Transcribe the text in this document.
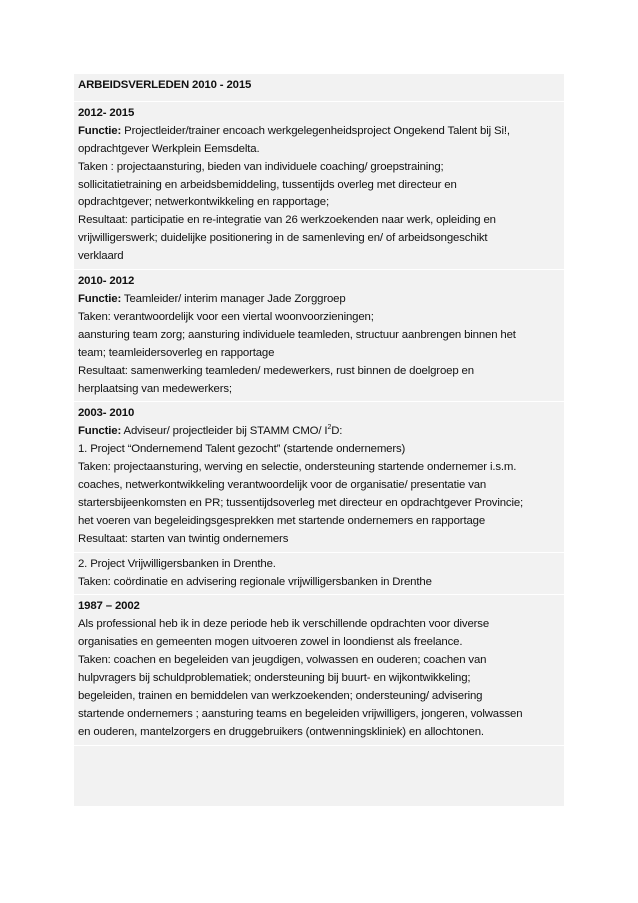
ARBEIDSVERLEDEN 2010 - 2015
2012- 2015
Functie: Projectleider/trainer encoach werkgelegenheidsproject Ongekend Talent bij Si!,
opdrachtgever Werkplein Eemsdelta.
Taken : projectaansturing, bieden van individuele coaching/ groepstraining;
sollicitatietraining en arbeidsbemiddeling, tussentijds overleg met directeur en
opdrachtgever; netwerkontwikkeling en rapportage;
Resultaat: participatie en re-integratie van 26 werkzoekenden naar werk, opleiding en
vrijwilligerswerk; duidelijke positionering in de samenleving en/ of arbeidsongeschikt
verklaard
2010- 2012
Functie: Teamleider/ interim manager Jade Zorggroep
Taken: verantwoordelijk voor een viertal woonvoorzieningen;
aansturing team zorg; aansturing individuele teamleden, structuur aanbrengen binnen het
team; teamleidersoverleg en rapportage
Resultaat: samenwerking teamleden/ medewerkers, rust binnen de doelgroep en
herplaatsing van medewerkers;
2003- 2010
Functie: Adviseur/ projectleider bij STAMM CMO/ $I^2D$:
1. Project “Ondernemend Talent gezocht” (startende ondernemers)
Taken: projectaansturing, werving en selectie, ondersteuning startende ondernemer i.s.m.
coaches, netwerkontwikkeling verantwoordelijk voor de organisatie/ presentatie van
startersbijeenkomsten en PR; tussentijdsoverleg met directeur en opdrachtgever Provincie;
het voeren van begeleidingsgesprekken met startende ondernemers en rapportage
Resultaat: starten van twintig ondernemers
2. Project Vrijwilligersbanken in Drenthe.
Taken: coördinatie en advisering regionale vrijwilligersbanken in Drenthe
1987 – 2002
Als professional heb ik in deze periode heb ik verschillende opdrachten voor diverse
organisaties en gemeenten mogen uitvoeren zowel in loondienst als freelance.
Taken: coachen en begeleiden van jeugdigen, volwassen en ouderen; coachen van
hulpvragers bij schuldproblematiek; ondersteuning bij buurt- en wijkontwikkeling;
begeleiden, trainen en bemiddelen van werkzoekenden; ondersteuning/ advisering
startende ondernemers ; aansturing teams en begeleiden vrijwilligers, jongeren, volwassen
en ouderen, mantelzorgers en druggebruikers (ontwenningskliniek) en allochtonen.
